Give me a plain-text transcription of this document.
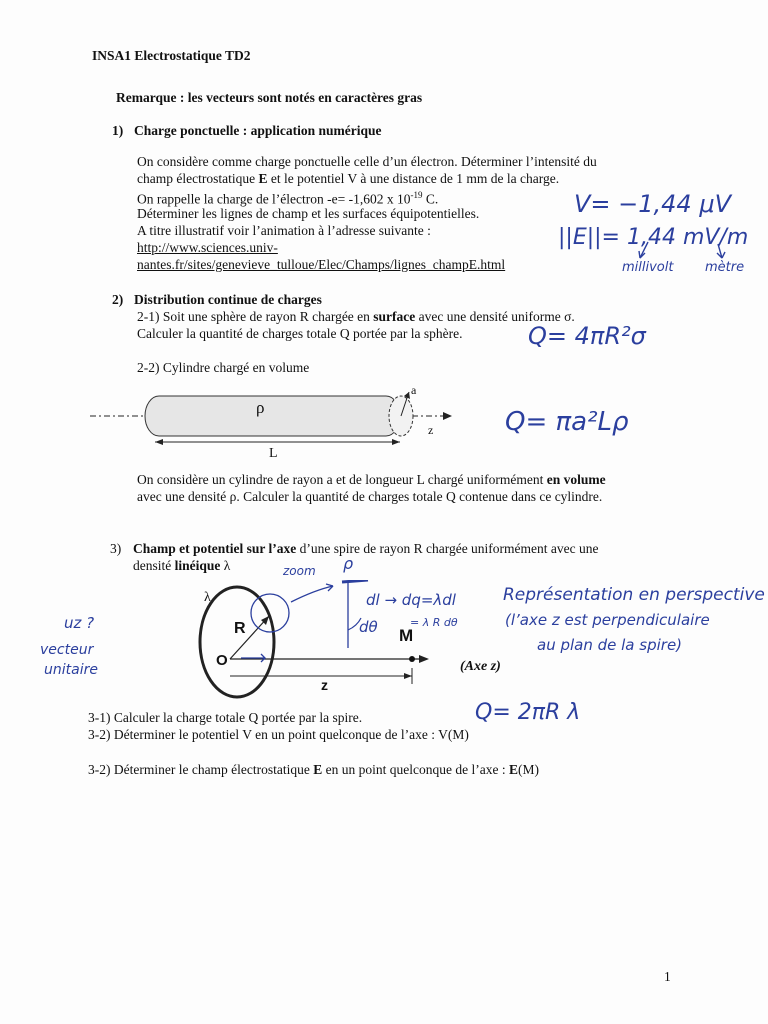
INSA1 Electrostatique TD2
Remarque : les vecteurs sont notés en caractères gras
1) Charge ponctuelle : application numérique
On considère comme charge ponctuelle celle d’un électron. Déterminer l’intensité du
champ électrostatique E et le potentiel V à une distance de 1 mm de la charge.
On rappelle la charge de l’électron -e= -1,602 x $10^{-19}$ C.
Déterminer les lignes de champ et les surfaces équipotentielles.
A titre illustratif voir l’animation à l’adresse suivante :
http://www.sciences.univ-
nantes.fr/sites/genevieve_tulloue/Elec/Champs/lignes_champE.html
V= −1,44 μV
||E||= 1,44 mV/m
millivolt mètre
2) Distribution continue de charges
2-1) Soit une sphère de rayon R chargée en surface avec une densité uniforme σ.
Calculer la quantité de charges totale Q portée par la sphère.
2-2) Cylindre chargé en volume
Q= 4πR²σ
ρ
a
z
L
Q= πa²Lρ
On considère un cylindre de rayon a et de longueur L chargé uniformément en volume
avec une densité ρ. Calculer la quantité de charges totale Q contenue dans ce cylindre.
3) Champ et potentiel sur l’axe d’une spire de rayon R chargée uniformément avec une
densité linéique λ
λ
R
O
M
(Axe z)
z
zoom ρ
dl → dq=λdl
= λ R dθ
dθ
Représentation en perspective
(l’axe z est perpendiculaire
au plan de la spire)
uz ?
vecteur
unitaire
Q= 2πR λ
3-1) Calculer la charge totale Q portée par la spire.
3-2) Déterminer le potentiel V en un point quelconque de l’axe : V(M)
3-2) Déterminer le champ électrostatique E en un point quelconque de l’axe : E(M)
1
